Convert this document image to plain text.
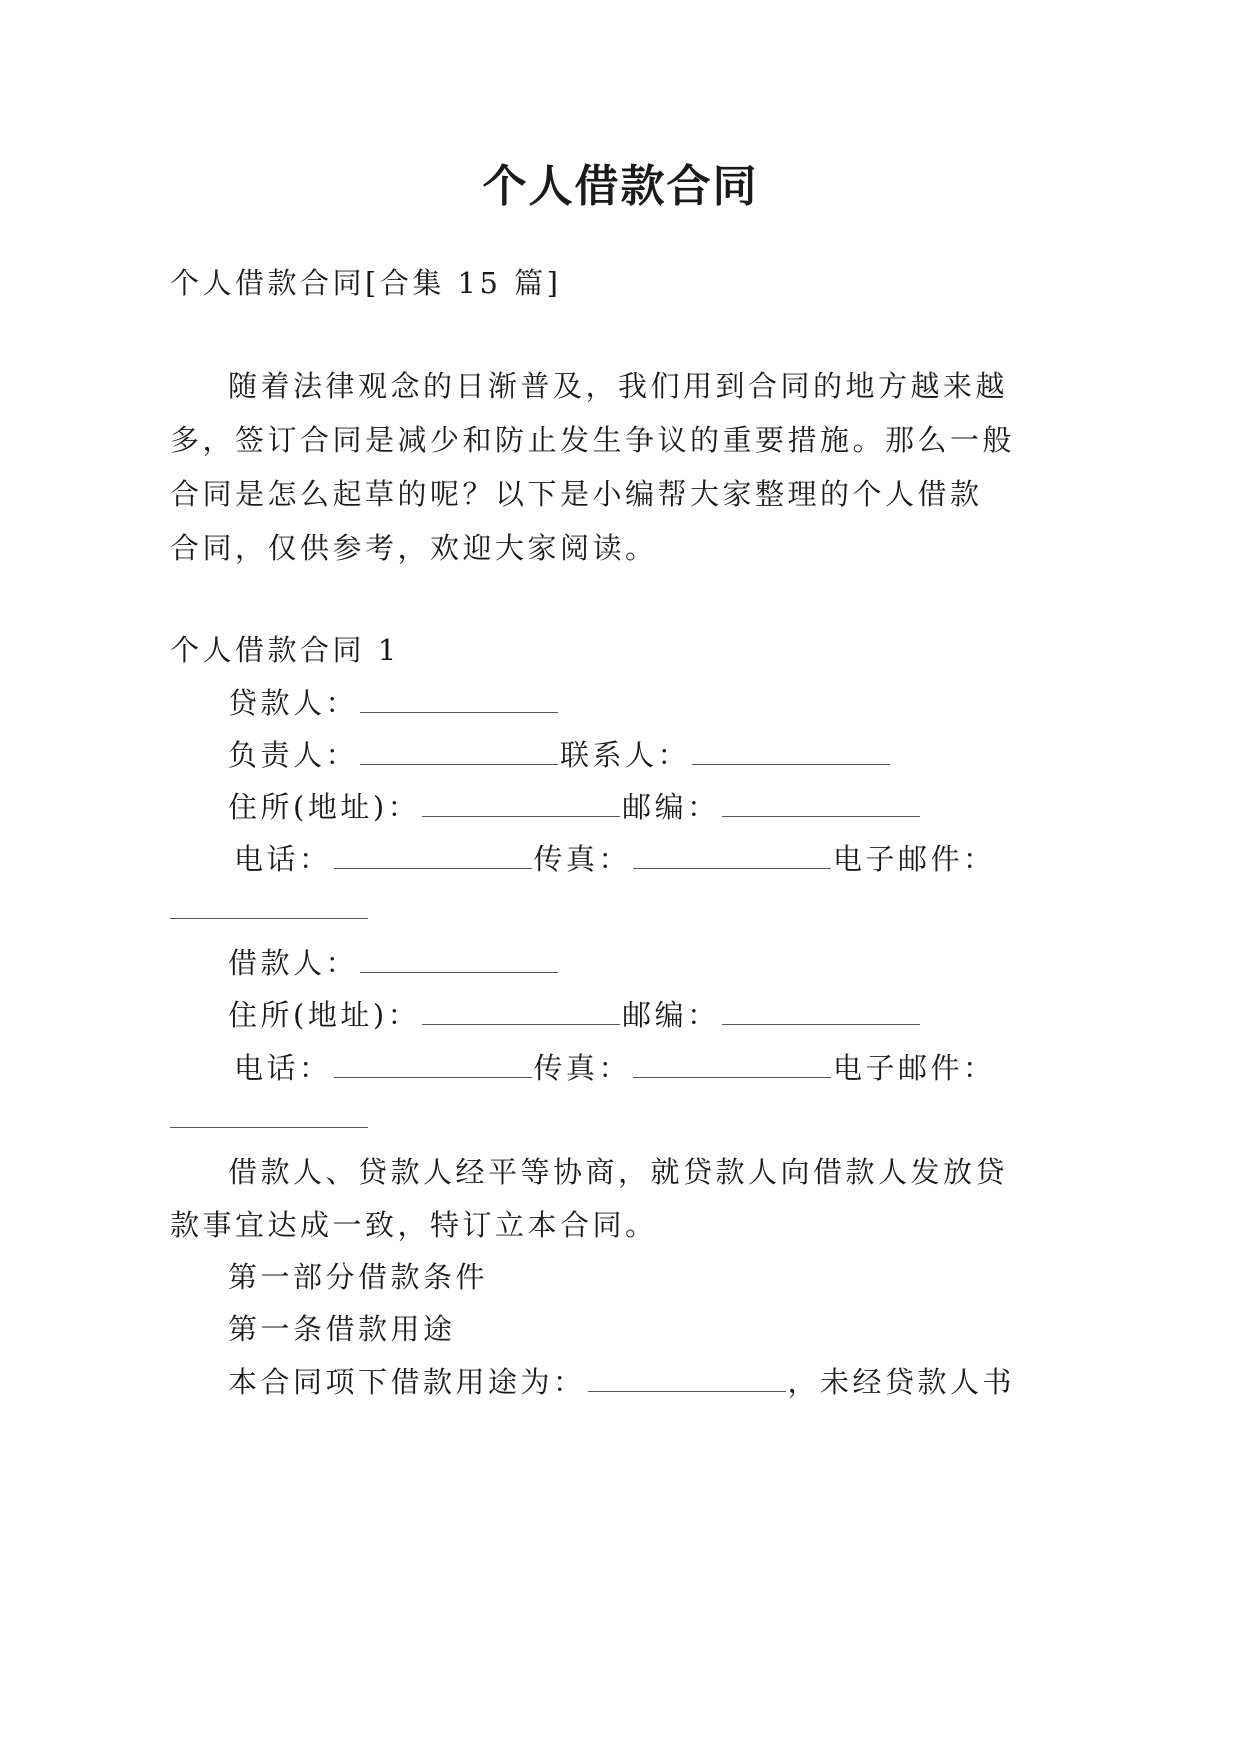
个人借款合同
个人借款合同[合集 15 篇]
随着法律观念的日渐普及，我们用到合同的地方越来越
多，签订合同是减少和防止发生争议的重要措施。那么一般
合同是怎么起草的呢？以下是小编帮大家整理的个人借款
合同，仅供参考，欢迎大家阅读。
个人借款合同 1
贷款人：
负责人：	联系人：
住所(地址)：	邮编：
电话：	传真：	电子邮件：
借款人：
住所(地址)：	邮编：
电话：	传真：	电子邮件：
借款人、贷款人经平等协商，就贷款人向借款人发放贷
款事宜达成一致，特订立本合同。
第一部分借款条件
第一条借款用途
本合同项下借款用途为：	，未经贷款人书
